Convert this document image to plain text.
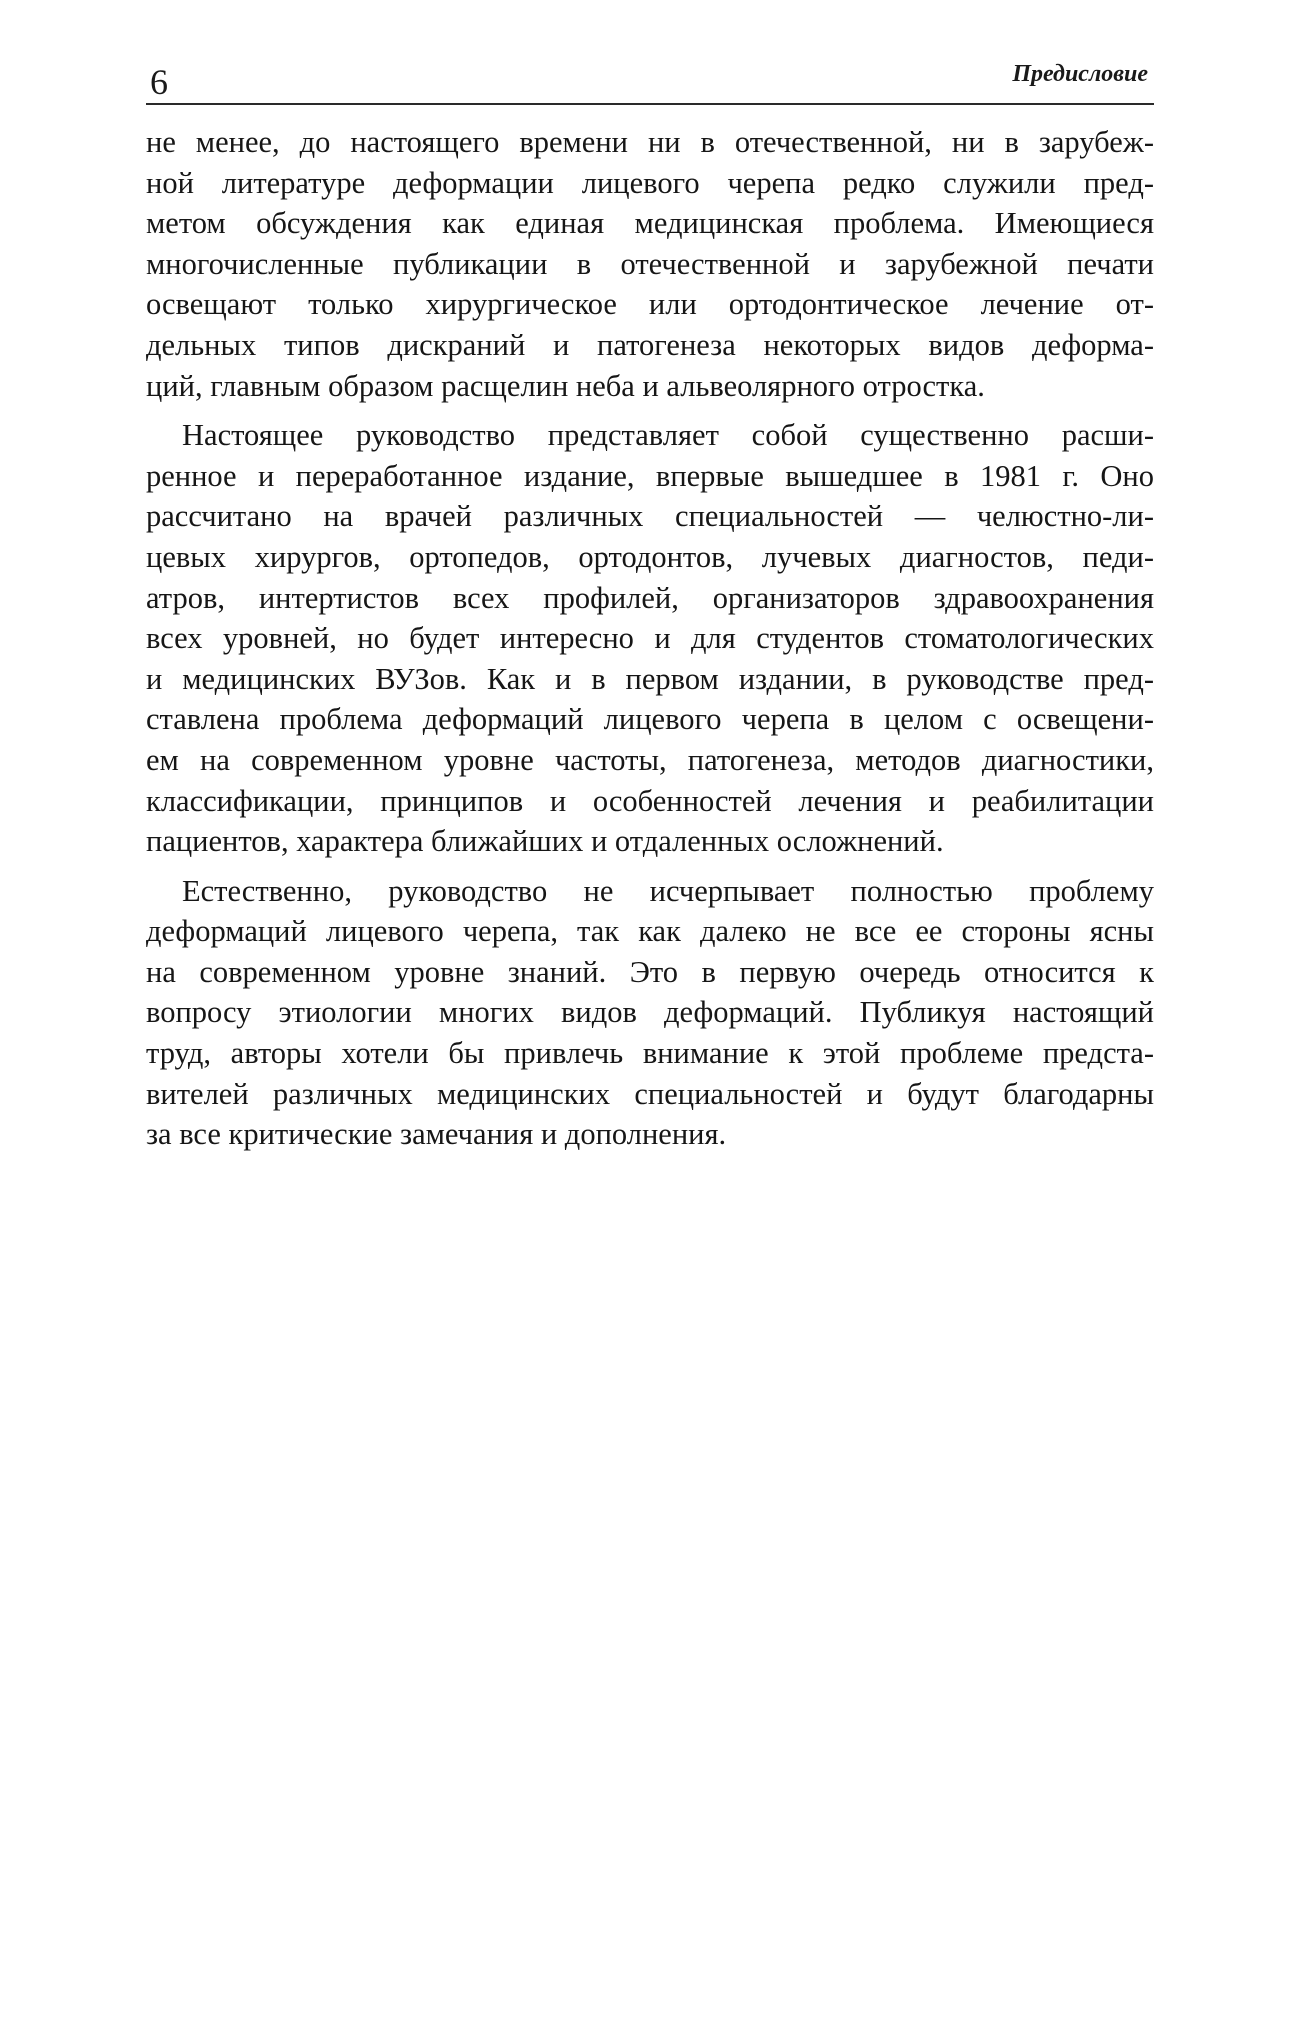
6	Предисловие

не менее, до настоящего времени ни в отечественной, ни в зарубеж-
ной литературе деформации лицевого черепа редко служили пред-
метом обсуждения как единая медицинская проблема. Имеющиеся
многочисленные публикации в отечественной и зарубежной печати
освещают только хирургическое или ортодонтическое лечение от-
дельных типов дискраний и патогенеза некоторых видов деформа-
ций, главным образом расщелин неба и альвеолярного отростка.

Настоящее руководство представляет собой существенно расши-
ренное и переработанное издание, впервые вышедшее в 1981 г. Оно
рассчитано на врачей различных специальностей — челюстно-ли-
цевых хирургов, ортопедов, ортодонтов, лучевых диагностов, педи-
атров, интертистов всех профилей, организаторов здравоохранения
всех уровней, но будет интересно и для студентов стоматологических
и медицинских ВУЗов. Как и в первом издании, в руководстве пред-
ставлена проблема деформаций лицевого черепа в целом с освещени-
ем на современном уровне частоты, патогенеза, методов диагностики,
классификации, принципов и особенностей лечения и реабилитации
пациентов, характера ближайших и отдаленных осложнений.

Естественно, руководство не исчерпывает полностью проблему
деформаций лицевого черепа, так как далеко не все ее стороны ясны
на современном уровне знаний. Это в первую очередь относится к
вопросу этиологии многих видов деформаций. Публикуя настоящий
труд, авторы хотели бы привлечь внимание к этой проблеме предста-
вителей различных медицинских специальностей и будут благодарны
за все критические замечания и дополнения.
